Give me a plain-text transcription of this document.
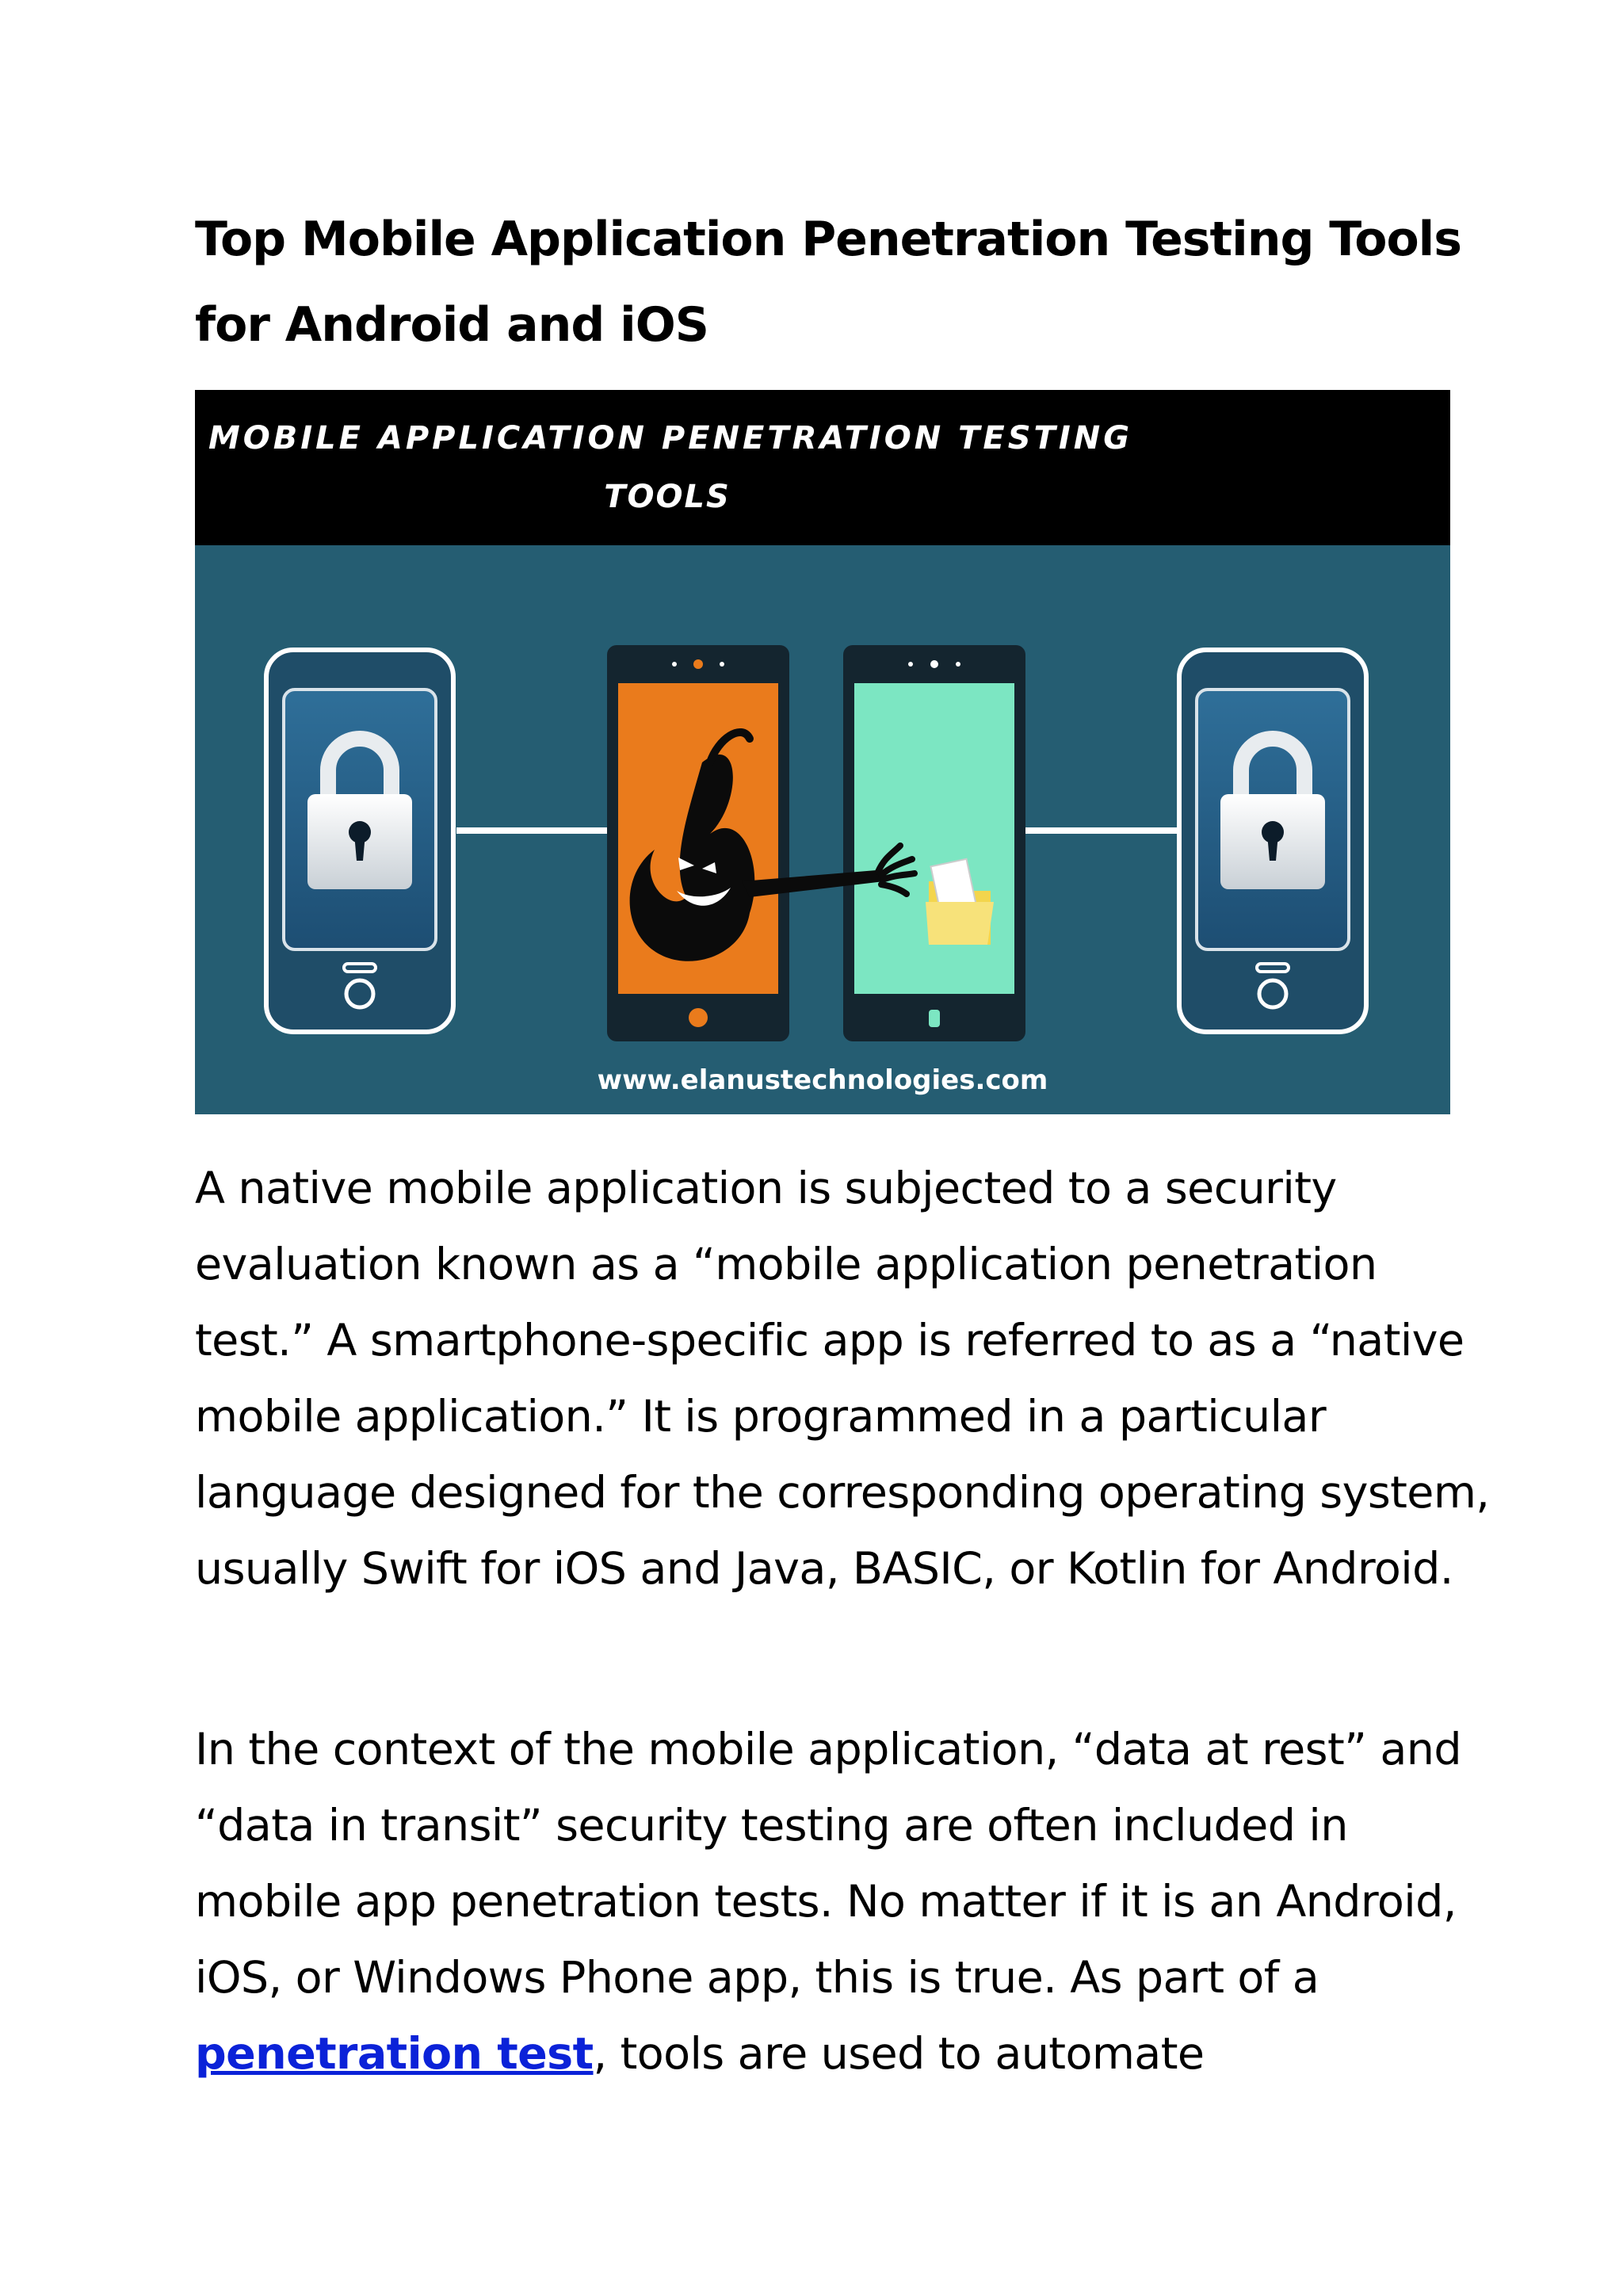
Top Mobile Application Penetration Testing Tools for Android and iOS
MOBILE APPLICATION PENETRATION TESTING
TOOLS
www.elanustechnologies.com

A native mobile application is subjected to a security evaluation known as a “mobile application penetration test.” A smartphone-specific app is referred to as a “native mobile application.” It is programmed in a particular language designed for the corresponding operating system, usually Swift for iOS and Java, BASIC, or Kotlin for Android.

In the context of the mobile application, “data at rest” and “data in transit” security testing are often included in mobile app penetration tests. No matter if it is an Android, iOS, or Windows Phone app, this is true. As part of a penetration test, tools are used to automate
